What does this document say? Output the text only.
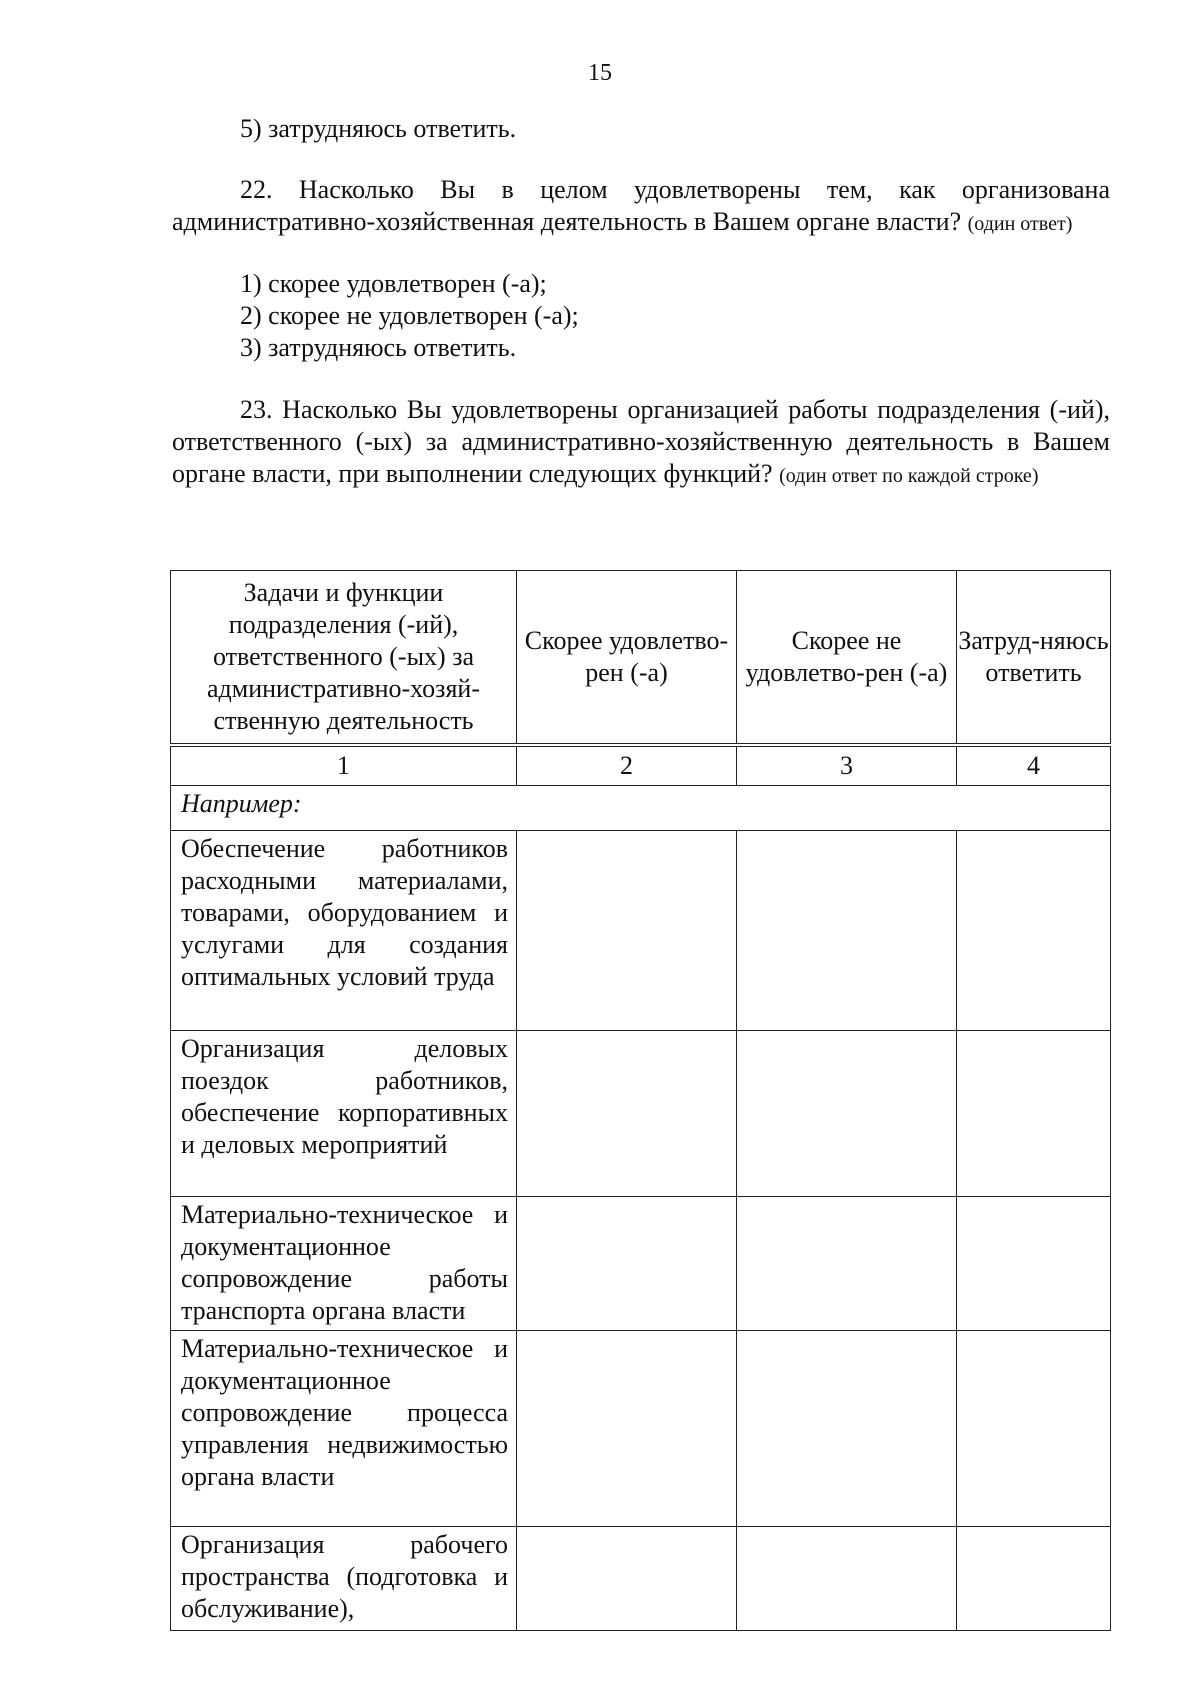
15
5) затрудняюсь ответить.
22. Насколько Вы в целом удовлетворены тем, как организована административно-хозяйственная деятельность в Вашем органе власти? (один ответ)
1) скорее удовлетворен (-а);
2) скорее не удовлетворен (-а);
3) затрудняюсь ответить.
23. Насколько Вы удовлетворены организацией работы подразделения (-ий), ответственного (-ых) за административно-хозяйственную деятельность в Вашем органе власти, при выполнении следующих функций? (один ответ по каждой строке)
Задачи и функции подразделения (-ий), ответственного (-ых) за административно-хозяй-ственную деятельность	Скорее удовлетво-рен (-а)	Скорее не удовлетво-рен (-а)	Затруд-няюсь ответить
1	2	3	4
Например:			
Обеспечение работников расходными материалами, товарами, оборудованием и услугами для создания оптимальных условий труда			
Организация деловых поездок работников, обеспечение корпоративных и деловых мероприятий			
Материально-техническое и документационное сопровождение работы транспорта органа власти			
Материально-техническое и документационное сопровождение процесса управления недвижимостью органа власти			
Организация рабочего пространства (подготовка и обслуживание),			
